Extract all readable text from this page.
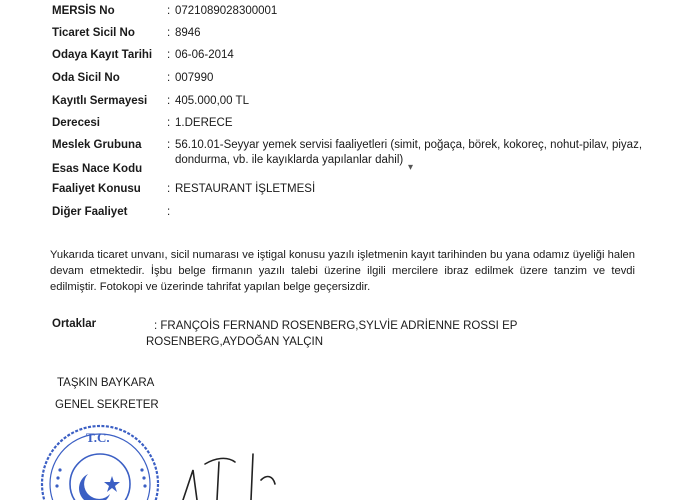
MERSİS No	: 0721089028300001
Ticaret Sicil No	: 8946
Odaya Kayıt Tarihi : 06-06-2014
Oda Sicil No	: 007990
Kayıtlı Sermayesi : 405.000,00 TL
Derecesi	: 1.DERECE
Meslek Grubuna : 56.10.01-Seyyar yemek servisi faaliyetleri (simit, poğaça, börek, kokoreç, nohut-pilav, piyaz, dondurma, vb. ile kayıklarda yapılanlar dahil)
Esas Nace Kodu	▾
Faaliyet Konusu : RESTAURANT İŞLETMESİ
Diğer Faaliyet	:
Yukarıda ticaret unvanı, sicil numarası ve iştigal konusu yazılı işletmenin kayıt tarihinden bu yana odamız üyeliği halen devam etmektedir. İşbu belge firmanın yazılı talebi üzerine ilgili mercilere ibraz edilmek üzere tanzim ve tevdi edilmiştir. Fotokopi ve üzerinde tahrifat yapılan belge geçersizdir.
Ortaklar	: FRANÇOİS FERNAND ROSENBERG,SYLVİE ADRİENNE ROSSI EP ROSENBERG,AYDOĞAN YALÇIN
TAŞKIN BAYKARA
GENEL SEKRETER
T.C.
